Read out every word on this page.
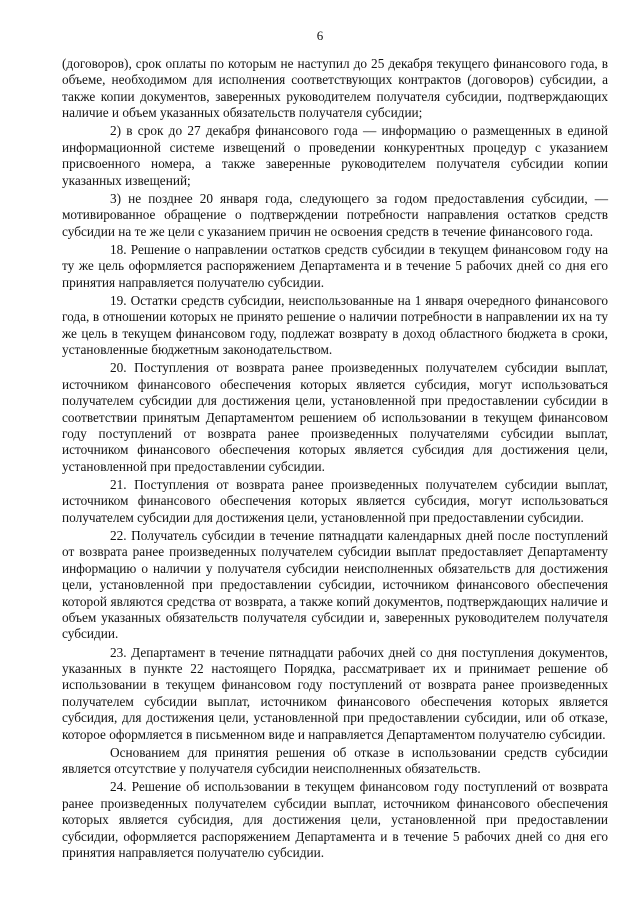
6

(договоров), срок оплаты по которым не наступил до 25 декабря текущего финансового года, в объеме, необходимом для исполнения соответствующих контрактов (договоров) субсидии, а также копии документов, заверенных руководителем получателя субсидии, подтверждающих наличие и объем указанных обязательств получателя субсидии;

2) в срок до 27 декабря финансового года — информацию о размещенных в единой информационной системе извещений о проведении конкурентных процедур с указанием присвоенного номера, а также заверенные руководителем получателя субсидии копии указанных извещений;

3) не позднее 20 января года, следующего за годом предоставления субсидии, — мотивированное обращение о подтверждении потребности направления остатков средств субсидии на те же цели с указанием причин не освоения средств в течение финансового года.

18. Решение о направлении остатков средств субсидии в текущем финансовом году на ту же цель оформляется распоряжением Департамента и в течение 5 рабочих дней со дня его принятия направляется получателю субсидии.

19. Остатки средств субсидии, неиспользованные на 1 января очередного финансового года, в отношении которых не принято решение о наличии потребности в направлении их на ту же цель в текущем финансовом году, подлежат возврату в доход областного бюджета в сроки, установленные бюджетным законодательством.

20. Поступления от возврата ранее произведенных получателем субсидии выплат, источником финансового обеспечения которых является субсидия, могут использоваться получателем субсидии для достижения цели, установленной при предоставлении субсидии в соответствии принятым Департаментом решением об использовании в текущем финансовом году поступлений от возврата ранее произведенных получателями субсидии выплат, источником финансового обеспечения которых является субсидия для достижения цели, установленной при предоставлении субсидии.

21. Поступления от возврата ранее произведенных получателем субсидии выплат, источником финансового обеспечения которых является субсидия, могут использоваться получателем субсидии для достижения цели, установленной при предоставлении субсидии.

22. Получатель субсидии в течение пятнадцати календарных дней после поступлений от возврата ранее произведенных получателем субсидии выплат предоставляет Департаменту информацию о наличии у получателя субсидии неисполненных обязательств для достижения цели, установленной при предоставлении субсидии, источником финансового обеспечения которой являются средства от возврата, а также копий документов, подтверждающих наличие и объем указанных обязательств получателя субсидии и, заверенных руководителем получателя субсидии.

23. Департамент в течение пятнадцати рабочих дней со дня поступления документов, указанных в пункте 22 настоящего Порядка, рассматривает их и принимает решение об использовании в текущем финансовом году поступлений от возврата ранее произведенных получателем субсидии выплат, источником финансового обеспечения которых является субсидия, для достижения цели, установленной при предоставлении субсидии, или об отказе, которое оформляется в письменном виде и направляется Департаментом получателю субсидии.

Основанием для принятия решения об отказе в использовании средств субсидии является отсутствие у получателя субсидии неисполненных обязательств.

24. Решение об использовании в текущем финансовом году поступлений от возврата ранее произведенных получателем субсидии выплат, источником финансового обеспечения которых является субсидия, для достижения цели, установленной при предоставлении субсидии, оформляется распоряжением Департамента и в течение 5 рабочих дней со дня его принятия направляется получателю субсидии.
